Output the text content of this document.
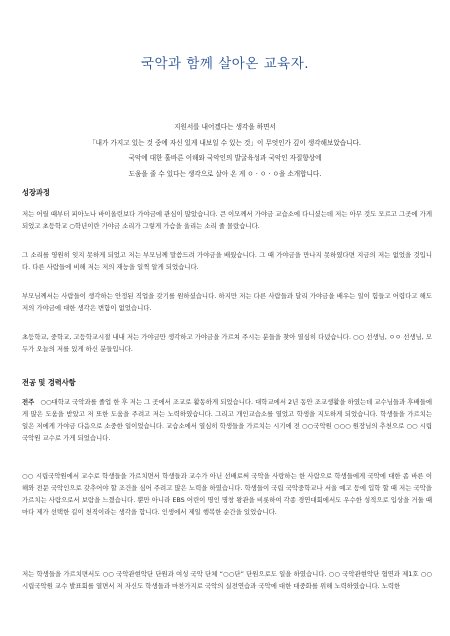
국악과 함께 살아온 교육자.
지원서를 내어겠다는 생각을 하면서
「내가 가지고 있는 것 중에 자신 있게 내보일 수 있는 것」이 무엇인가 깊이 생각해보았습니다.
국악에 대한 훌바른 이해와 국악인의 발굴육성과 국악인 자질향상에
도움을 줄 수 있다는 생각으로 살아 온 게 ㅇ · ㅇ · ㅇ을 소개합니다.
성장과정

저는 어릴 때부터 피아노나 바이올린보다 가야금에 관심이 많았습니다. 큰 이모께서 가야금 교습소에 다니셨는데 저는 아무 것도 모르고 그곳에 가게 되었고 초등학교 ○학년이란 가야금 소리가 그렇게 가슴을 울리는 소리 줄 몰랐습니다.

그 소리를 영원히 잊지 못하게 되었고 저는 부모님께 말씀드려 가야금을 배웠습니다. 그 때 가야금을 만나지 못하였다면 지금의 저는 없었을 것입니다. 다른 사람들에 비해 저는 저의 재능을 일찍 알게 되었습니다.

부모님께서는 사람들이 생각하는 안정된 직업을 갖기를 원하셨습니다. 하지만 저는 다른 사람들과 달리 가야금을 배우는 일이 힘들고 어렵다고 해도 저의 가야금에 대한 생각은 변함이 없었습니다.

초등학교, 중학교, 고등학교시절 내내 저는 가야금만 생각하고 가야금을 가르쳐 주시는 분들을 찾아 열심히 다녔습니다. ○○ 선생님, ㅇㅇ 선생님, 모두가 오늘의 저를 있게 하신 분들입니다.

전공 및 경력사항

전주 ○○대학교 국악과를 졸업 한 후 저는 그 곳에서 조교로 활동하게 되었습니다. 대학교에서 2년 동안 조교생활을 하였는데 교수님들과 후배들에게 많은 도움을 받았고 저 또한 도움을 주려고 저는 노력하였습니다. 그리고 개인교습소를 열었고 학생을 지도하게 되었습니다. 학생들을 가르치는 일은 저에게 가야금 다음으로 소중한 일이었습니다. 교습소에서 열심히 학생들을 가르치는 시기에 전 ○○국악원 ○○○ 원장님의 추천으로 ○○ 시립국악원 교수로 가게 되었습니다.

○○ 시립국악원에서 교수로 학생들을 가르치면서 학생들과 교수가 아닌 선배로써 국악을 사랑하는 한 사람으로 학생들에게 국악에 대한 좀 바른 이해와 전문 국악인으로 갖추어야 할 조건을 심어 주려고 많은 노력을 하였습니다. 학생들이 국립 국악중학교나 서울 예고 등에 입학 할 때 저는 국악을 가르치는 사람으로서 보람을 느꼈습니다. 뿐만 아니라 EBS 어린이 명인 명창 왕관을 비롯하여 각종 경연대회에서도 우수한 성적으로 입상을 거둘 때마다 제가 선택한 길이 천직이라는 생각을 합니다. 인생에서 제일 행복한 순간을 있었습니다.

저는 학생들을 가르치면서도 ○○ 국악관현악단 단원과 여성 국악 단체 “○○단” 단원으로도 일을 하였습니다. ○○ 국악관현악단 협연과 제1호 ○○ 시립국악원 교수 발표회를 열면서 저 자신도 학생들과 마찬가지로 국악의 실전연습과 국악에 대한 대중화를 위해 노력하였습니다. 노력한
